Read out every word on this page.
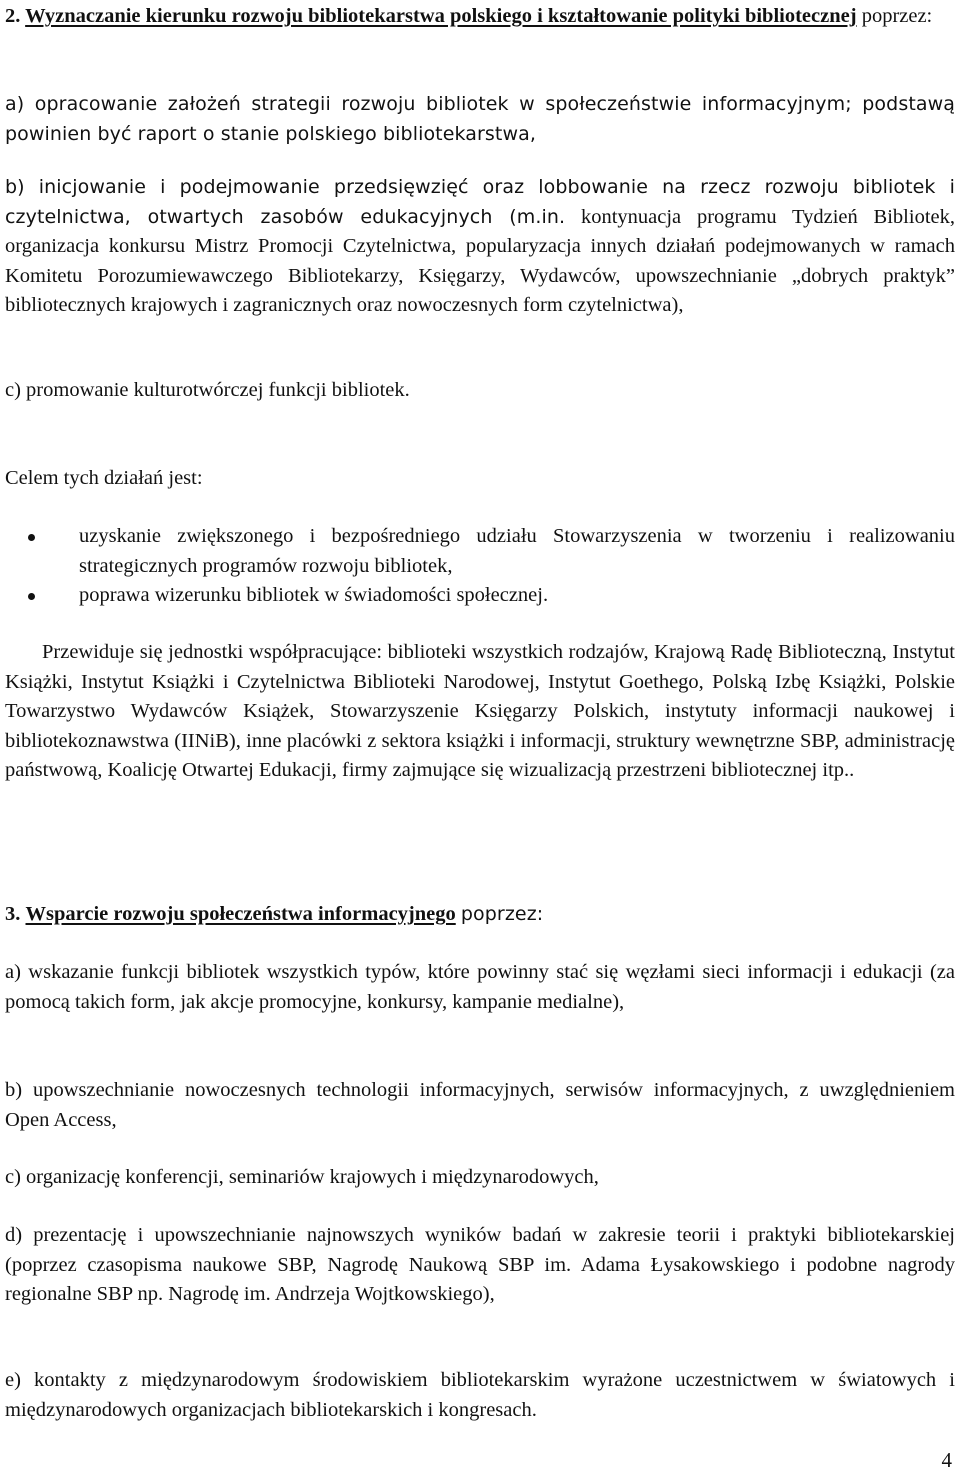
2. Wyznaczanie kierunku rozwoju bibliotekarstwa polskiego i kształtowanie polityki bibliotecznej poprzez:

a) opracowanie założeń strategii rozwoju bibliotek w społeczeństwie informacyjnym; podstawą powinien być raport o stanie polskiego bibliotekarstwa,

b) inicjowanie i podejmowanie przedsięwzięć oraz lobbowanie na rzecz rozwoju bibliotek i czytelnictwa, otwartych zasobów edukacyjnych (m.in. kontynuacja programu Tydzień Bibliotek, organizacja konkursu Mistrz Promocji Czytelnictwa, popularyzacja innych działań podejmowanych w ramach Komitetu Porozumiewawczego Bibliotekarzy, Księgarzy, Wydawców, upowszechnianie „dobrych praktyk” bibliotecznych krajowych i zagranicznych oraz nowoczesnych form czytelnictwa),

c) promowanie kulturotwórczej funkcji bibliotek.

Celem tych działań jest:

uzyskanie zwiększonego i bezpośredniego udziału Stowarzyszenia w tworzeniu i realizowaniu strategicznych programów rozwoju bibliotek,
poprawa wizerunku bibliotek w świadomości społecznej.

Przewiduje się jednostki współpracujące: biblioteki wszystkich rodzajów, Krajową Radę Biblioteczną, Instytut Książki, Instytut Książki i Czytelnictwa Biblioteki Narodowej, Instytut Goethego, Polską Izbę Książki, Polskie Towarzystwo Wydawców Książek, Stowarzyszenie Księgarzy Polskich, instytuty informacji naukowej i bibliotekoznawstwa (IINiB), inne placówki z sektora książki i informacji, struktury wewnętrzne SBP, administrację państwową, Koalicję Otwartej Edukacji, firmy zajmujące się wizualizacją przestrzeni bibliotecznej itp..

3. Wsparcie rozwoju społeczeństwa informacyjnego poprzez:

a) wskazanie funkcji bibliotek wszystkich typów, które powinny stać się węzłami sieci informacji i edukacji (za pomocą takich form, jak akcje promocyjne, konkursy, kampanie medialne),

b) upowszechnianie nowoczesnych technologii informacyjnych, serwisów informacyjnych, z uwzględnieniem Open Access,

c) organizację konferencji, seminariów krajowych i międzynarodowych,

d) prezentację i upowszechnianie najnowszych wyników badań w zakresie teorii i praktyki bibliotekarskiej (poprzez czasopisma naukowe SBP, Nagrodę Naukową SBP im. Adama Łysakowskiego i podobne nagrody regionalne SBP np. Nagrodę im. Andrzeja Wojtkowskiego),

e) kontakty z międzynarodowym środowiskiem bibliotekarskim wyrażone uczestnictwem w światowych i międzynarodowych organizacjach bibliotekarskich i kongresach.

4
